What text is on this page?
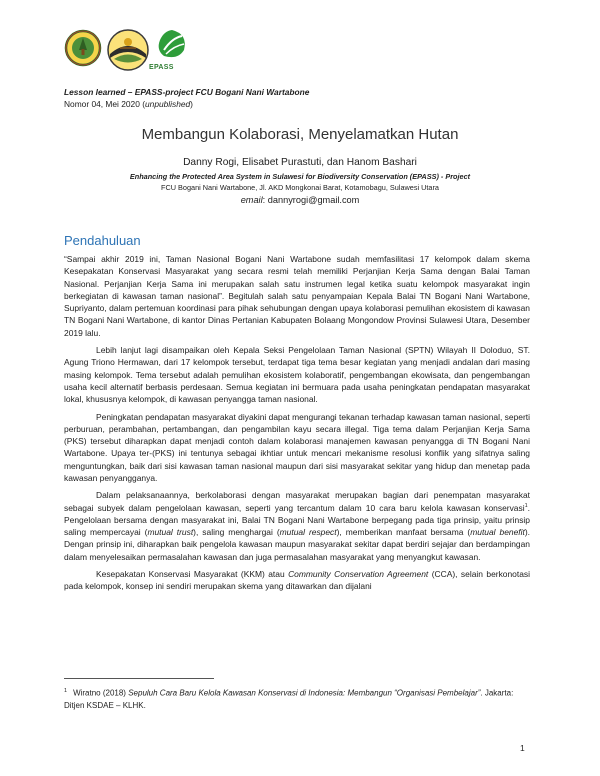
EPASS
Lesson learned – EPASS-project FCU Bogani Nani Wartabone
Nomor 04, Mei 2020 (unpublished)
Membangun Kolaborasi, Menyelamatkan Hutan
Danny Rogi, Elisabet Purastuti, dan Hanom Bashari
Enhancing the Protected Area System in Sulawesi for Biodiversity Conservation (EPASS) - Project
FCU Bogani Nani Wartabone, Jl. AKD Mongkonai Barat, Kotamobagu, Sulawesi Utara
email: dannyrogi@gmail.com
Pendahuluan

“Sampai akhir 2019 ini, Taman Nasional Bogani Nani Wartabone sudah memfasilitasi 17 kelompok dalam skema Kesepakatan Konservasi Masyarakat yang secara resmi telah memiliki Perjanjian Kerja Sama dengan Balai Taman Nasional. Perjanjian Kerja Sama ini merupakan salah satu instrumen legal ketika suatu kelompok masyarakat ingin berkegiatan di kawasan taman nasional”. Begitulah salah satu penyampaian Kepala Balai TN Bogani Nani Wartabone, Supriyanto, dalam pertemuan koordinasi para pihak sehubungan dengan upaya kolaborasi pemulihan ekosistem di kawasan TN Bogani Nani Wartabone, di kantor Dinas Pertanian Kabupaten Bolaang Mongondow Provinsi Sulawesi Utara, Desember 2019 lalu.

Lebih lanjut lagi disampaikan oleh Kepala Seksi Pengelolaan Taman Nasional (SPTN) Wilayah II Doloduo, ST. Agung Triono Hermawan, dari 17 kelompok tersebut, terdapat tiga tema besar kegiatan yang menjadi andalan dari masing masing kelompok. Tema tersebut adalah pemulihan ekosistem kolaboratif, pengembangan ekowisata, dan pengembangan usaha kecil alternatif berbasis perdesaan. Semua kegiatan ini bermuara pada usaha peningkatan pendapatan masyarakat lokal, khususnya kelompok, di kawasan penyangga taman nasional.

Peningkatan pendapatan masyarakat diyakini dapat mengurangi tekanan terhadap kawasan taman nasional, seperti perburuan, perambahan, pertambangan, dan pengambilan kayu secara illegal. Tiga tema dalam Perjanjian Kerja Sama (PKS) tersebut diharapkan dapat menjadi contoh dalam kolaborasi manajemen kawasan penyangga di TN Bogani Nani Wartabone. Upaya ter-(PKS) ini tentunya sebagai ikhtiar untuk mencari mekanisme resolusi konflik yang sifatnya saling menguntungkan, baik dari sisi kawasan taman nasional maupun dari sisi masyarakat sekitar yang hidup dan menetap pada kawasan penyangganya.

Dalam pelaksanaannya, berkolaborasi dengan masyarakat merupakan bagian dari penempatan masyarakat sebagai subyek dalam pengelolaan kawasan, seperti yang tercantum dalam 10 cara baru kelola kawasan konservasi$^1$. Pengelolaan bersama dengan masyarakat ini, Balai TN Bogani Nani Wartabone berpegang pada tiga prinsip, yaitu prinsip saling mempercayai (mutual trust), saling menghargai (mutual respect), memberikan manfaat bersama (mutual benefit). Dengan prinsip ini, diharapkan baik pengelola kawasan maupun masyarakat sekitar dapat berdiri sejajar dan berdampingan dalam menyelesaikan permasalahan kawasan dan juga permasalahan masyarakat yang menyangkut kawasan.

Kesepakatan Konservasi Masyarakat (KKM) atau Community Conservation Agreement (CCA), selain berkonotasi pada kelompok, konsep ini sendiri merupakan skema yang ditawarkan dan dijalani

$^1$ Wiratno (2018) Sepuluh Cara Baru Kelola Kawasan Konservasi di Indonesia: Membangun “Organisasi Pembelajar”. Jakarta: Ditjen KSDAE – KLHK.
1
